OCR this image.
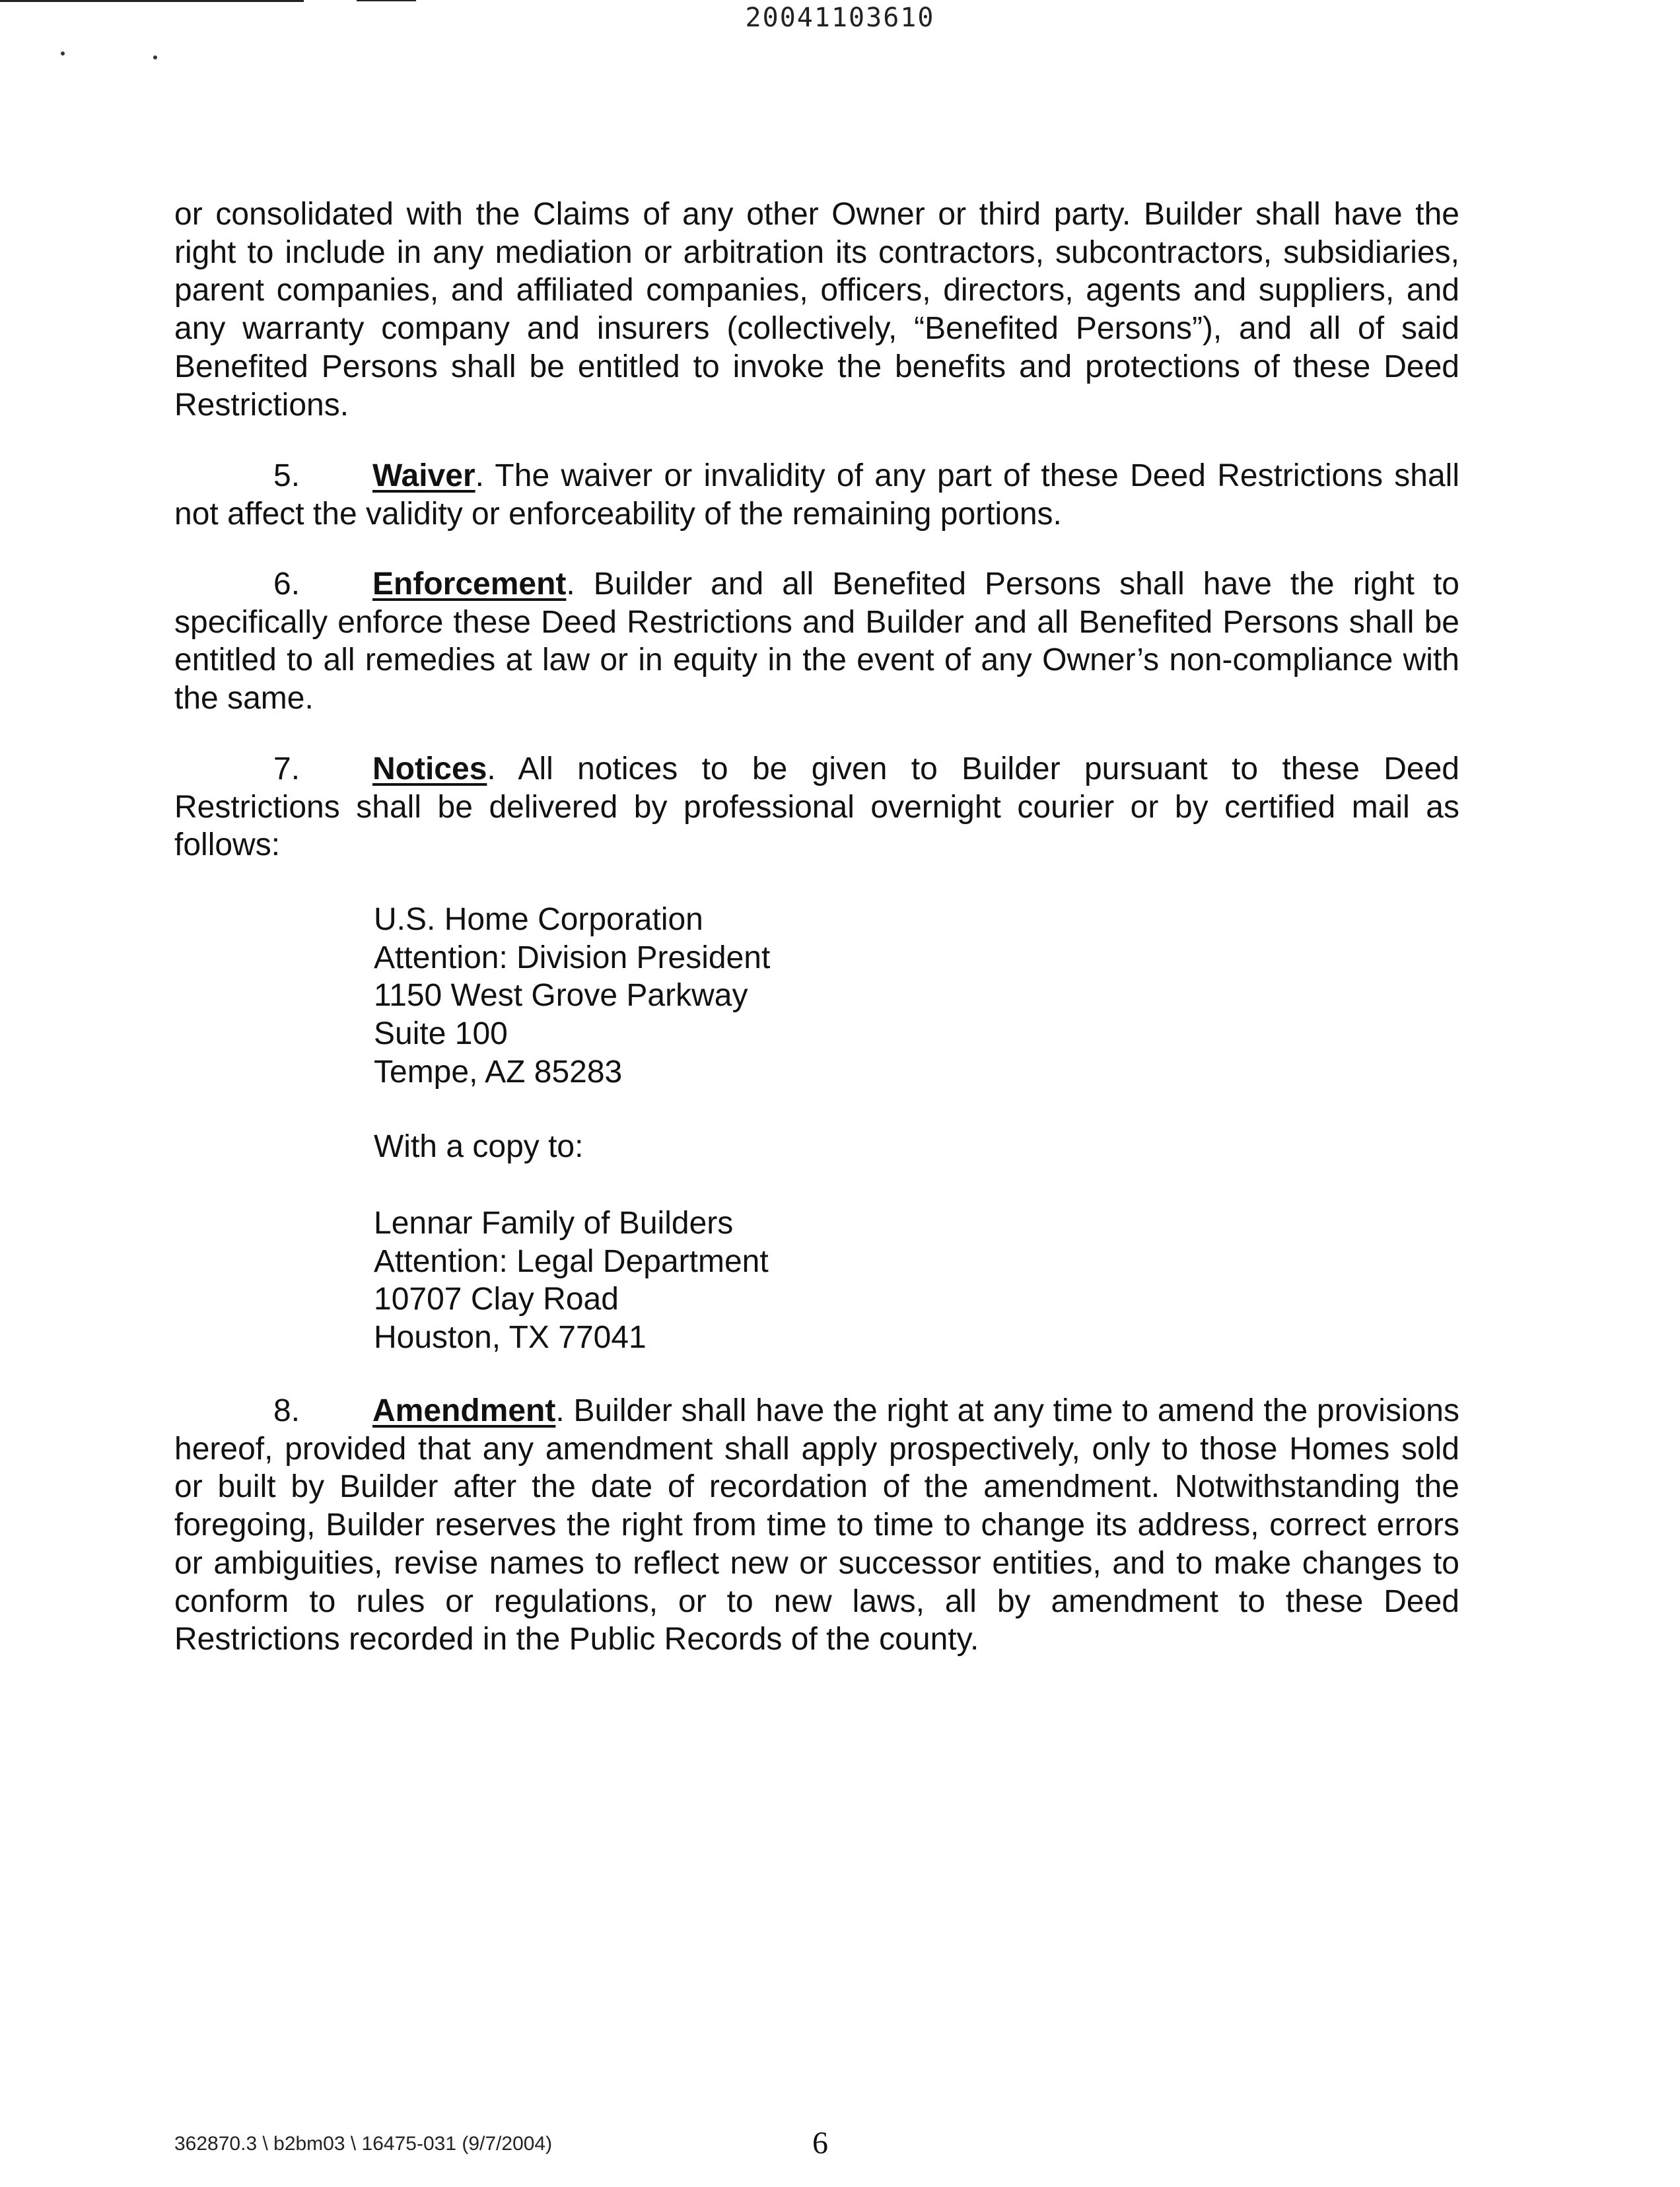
20041103610

or consolidated with the Claims of any other Owner or third party. Builder shall have the right to include in any mediation or arbitration its contractors, subcontractors, subsidiaries, parent companies, and affiliated companies, officers, directors, agents and suppliers, and any warranty company and insurers (collectively, “Benefited Persons”), and all of said Benefited Persons shall be entitled to invoke the benefits and protections of these Deed Restrictions.

5. Waiver. The waiver or invalidity of any part of these Deed Restrictions shall not affect the validity or enforceability of the remaining portions.

6. Enforcement. Builder and all Benefited Persons shall have the right to specifically enforce these Deed Restrictions and Builder and all Benefited Persons shall be entitled to all remedies at law or in equity in the event of any Owner’s non-compliance with the same.

7. Notices. All notices to be given to Builder pursuant to these Deed Restrictions shall be delivered by professional overnight courier or by certified mail as follows:

U.S. Home Corporation
Attention: Division President
1150 West Grove Parkway
Suite 100
Tempe, AZ 85283
With a copy to:
Lennar Family of Builders
Attention: Legal Department
10707 Clay Road
Houston, TX 77041

8. Amendment. Builder shall have the right at any time to amend the provisions hereof, provided that any amendment shall apply prospectively, only to those Homes sold or built by Builder after the date of recordation of the amendment. Notwithstanding the foregoing, Builder reserves the right from time to time to change its address, correct errors or ambiguities, revise names to reflect new or successor entities, and to make changes to conform to rules or regulations, or to new laws, all by amendment to these Deed Restrictions recorded in the Public Records of the county.

362870.3 \ b2bm03 \ 16475-031 (9/7/2004)	6
